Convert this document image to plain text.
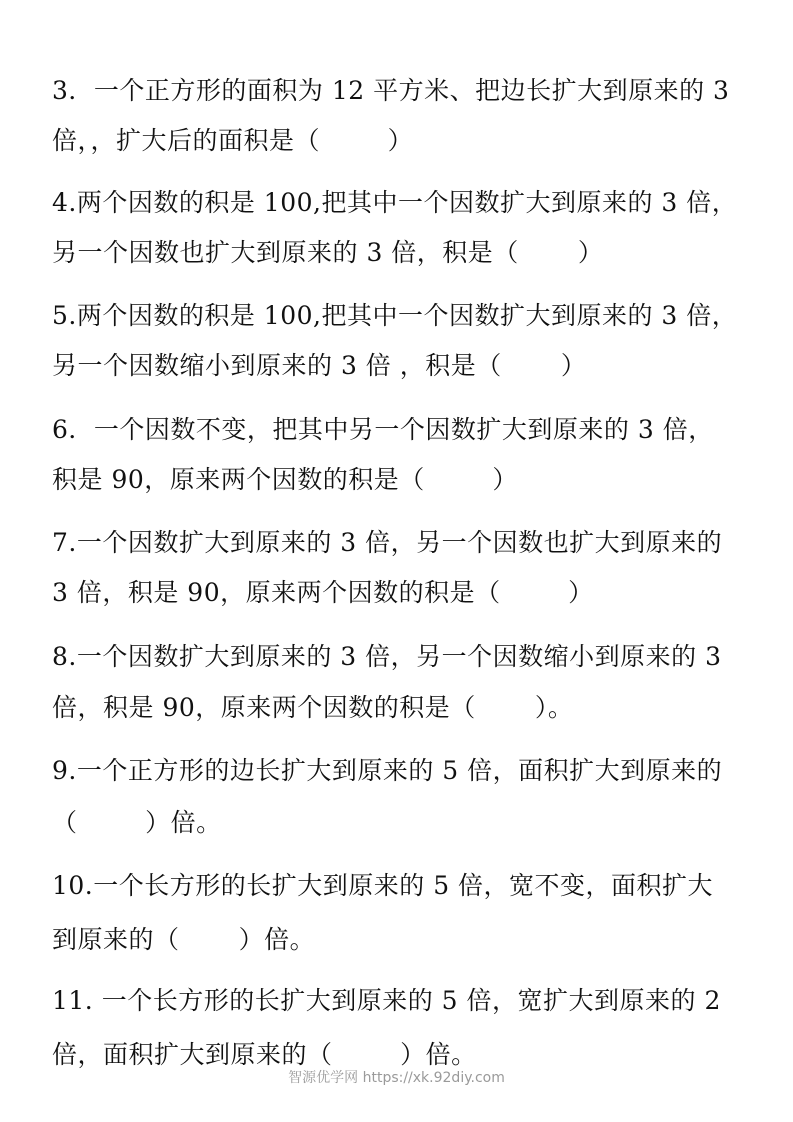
3．一个正方形的面积为 12 平方米、把边长扩大到原来的 3
倍，，扩大后的面积是（        ）
4.两个因数的积是 100,把其中一个因数扩大到原来的 3 倍，
另一个因数也扩大到原来的 3 倍，积是（       ）
5.两个因数的积是 100,把其中一个因数扩大到原来的 3 倍，
另一个因数缩小到原来的 3 倍 ，积是（       ）
6．一个因数不变，把其中另一个因数扩大到原来的 3 倍，
积是 90，原来两个因数的积是（        ）
7.一个因数扩大到原来的 3 倍，另一个因数也扩大到原来的
3 倍，积是 90，原来两个因数的积是（        ）
8.一个因数扩大到原来的 3 倍，另一个因数缩小到原来的 3
倍，积是 90，原来两个因数的积是（       ）。
9.一个正方形的边长扩大到原来的 5 倍，面积扩大到原来的
（        ）倍。
10.一个长方形的长扩大到原来的 5 倍，宽不变，面积扩大
到原来的（       ）倍。
11. 一个长方形的长扩大到原来的 5 倍，宽扩大到原来的 2
倍，面积扩大到原来的（        ）倍。
智源优学网 https://xk.92diy.com
